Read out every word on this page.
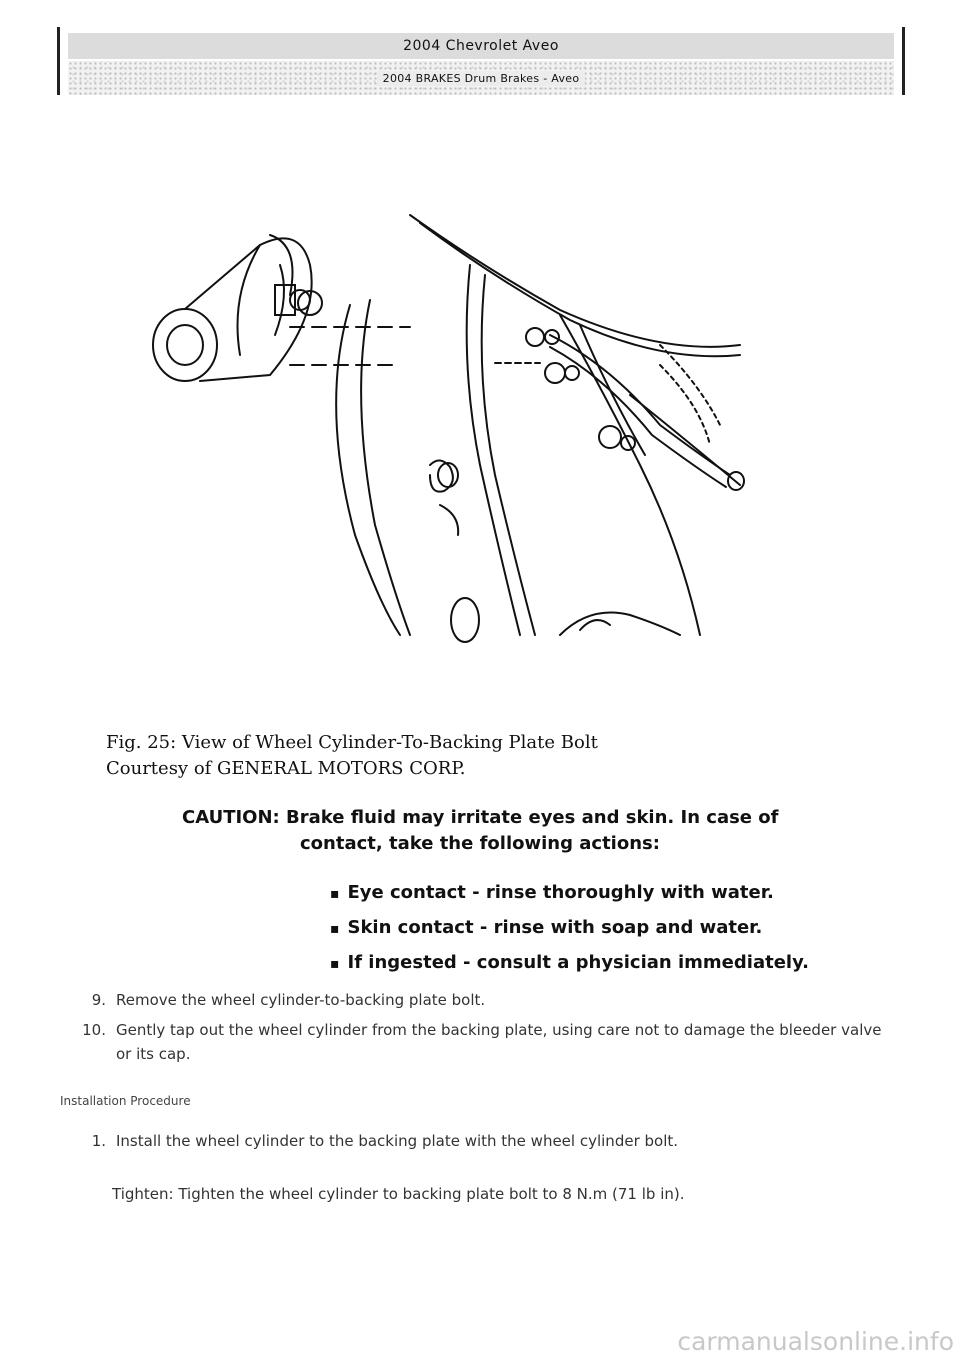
2004 Chevrolet Aveo
2004 BRAKES Drum Brakes - Aveo
Fig. 25: View of Wheel Cylinder-To-Backing Plate Bolt
Courtesy of GENERAL MOTORS CORP.
CAUTION: Brake fluid may irritate eyes and skin. In case of
contact, take the following actions:
▪ Eye contact - rinse thoroughly with water.
▪ Skin contact - rinse with soap and water.
▪ If ingested - consult a physician immediately.
9. Remove the wheel cylinder-to-backing plate bolt.
10. Gently tap out the wheel cylinder from the backing plate, using care not to damage the bleeder valve or its cap.
Installation Procedure
1. Install the wheel cylinder to the backing plate with the wheel cylinder bolt.
Tighten: Tighten the wheel cylinder to backing plate bolt to 8 N.m (71 lb in).
carmanualsonline.info
